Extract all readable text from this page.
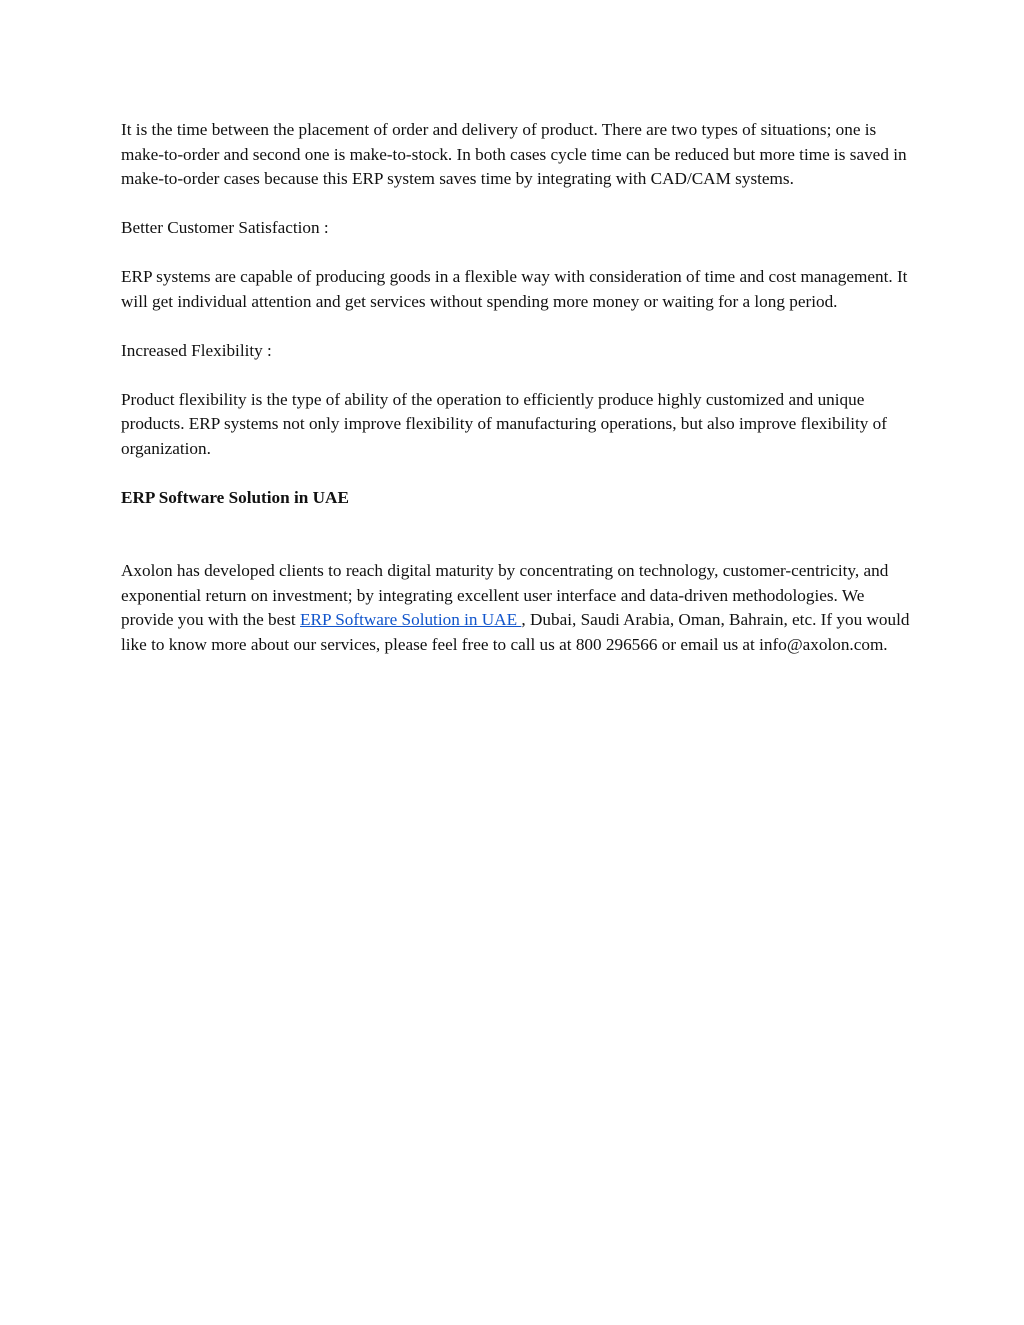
It is the time between the placement of order and delivery of product. There are two types of situations; one is make-to-order and second one is make-to-stock. In both cases cycle time can be reduced but more time is saved in make-to-order cases because this ERP system saves time by integrating with CAD/CAM systems.

Better Customer Satisfaction :

ERP systems are capable of producing goods in a flexible way with consideration of time and cost management. It will get individual attention and get services without spending more money or waiting for a long period.

Increased Flexibility :

Product flexibility is the type of ability of the operation to efficiently produce highly customized and unique products. ERP systems not only improve flexibility of manufacturing operations, but also improve flexibility of organization.

ERP Software Solution in UAE

Axolon has developed clients to reach digital maturity by concentrating on technology, customer-centricity, and exponential return on investment; by integrating excellent user interface and data-driven methodologies. We provide you with the best ERP Software Solution in UAE , Dubai, Saudi Arabia, Oman, Bahrain, etc. If you would like to know more about our services, please feel free to call us at 800 296566 or email us at info@axolon.com.
